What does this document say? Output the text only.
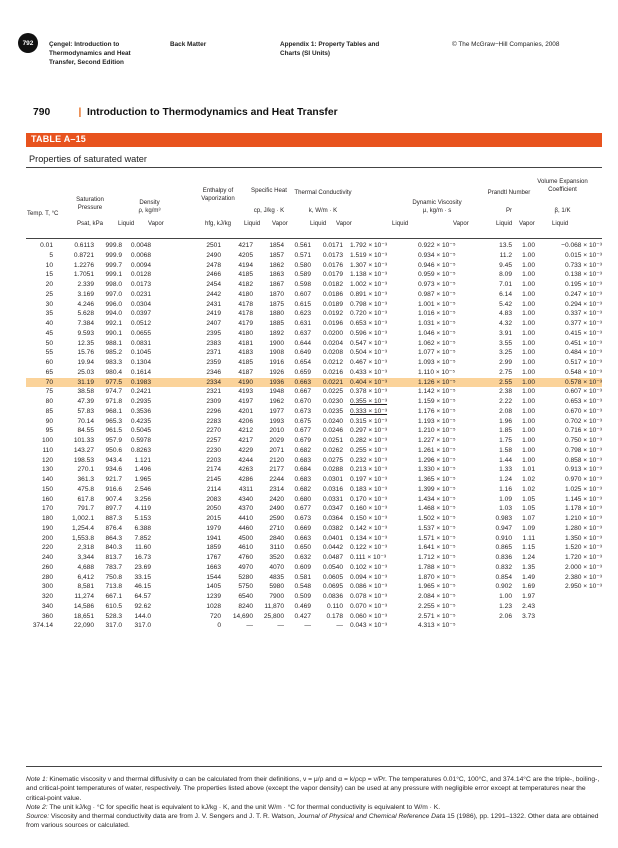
792	Çengel: Introduction to Thermodynamics and Heat Transfer, Second Edition
Back Matter	Appendix 1: Property Tables and Charts (SI Units)
© The McGraw−Hill Companies, 2008
790	| Introduction to Thermodynamics and Heat Transfer
TABLE A–15
Properties of saturated water
Temp. T, °C
Saturation Pressure
Psat, kPa
Density
ρ, kg/m³
Enthalpy of Vaporization
hfg, kJ/kg
Specific Heat
cp, J/kg · K
Thermal Conductivity
k, W/m · K
Dynamic Viscosity
μ, kg/m · s
Prandtl Number
Pr
Volume Expansion Coefficient
β, 1/K
Liquid Vapor	Liquid Vapor	Liquid Vapor	Liquid	Vapor	Liquid Vapor	Liquid
0.01	0.6113	999.8	0.0048	2501	4217	1854	0.561	0.0171 1.792 × 10⁻³	0.922 × 10⁻⁵	13.5	1.00	−0.068 × 10⁻³
5	0.8721	999.9	0.0068	2490	4205	1857	0.571	0.0173 1.519 × 10⁻³	0.934 × 10⁻⁵	11.2	1.00	0.015 × 10⁻³
10	1.2276	999.7	0.0094	2478	4194	1862	0.580	0.0176 1.307 × 10⁻³	0.946 × 10⁻⁵	9.45	1.00	0.733 × 10⁻³
15	1.7051	999.1	0.0128	2466	4185	1863	0.589	0.0179 1.138 × 10⁻³	0.959 × 10⁻⁵	8.09	1.00	0.138 × 10⁻³
20	2.339	998.0	0.0173	2454	4182	1867	0.598	0.0182 1.002 × 10⁻³	0.973 × 10⁻⁵	7.01	1.00	0.195 × 10⁻³
25	3.169	997.0	0.0231	2442	4180	1870	0.607	0.0186 0.891 × 10⁻³	0.987 × 10⁻⁵	6.14	1.00	0.247 × 10⁻³
30	4.246	996.0	0.0304	2431	4178	1875	0.615	0.0189 0.798 × 10⁻³	1.001 × 10⁻⁵	5.42	1.00	0.294 × 10⁻³
35	5.628	994.0	0.0397	2419	4178	1880	0.623	0.0192 0.720 × 10⁻³	1.016 × 10⁻⁵	4.83	1.00	0.337 × 10⁻³
40	7.384	992.1	0.0512	2407	4179	1885	0.631	0.0196 0.653 × 10⁻³	1.031 × 10⁻⁵	4.32	1.00	0.377 × 10⁻³
45	9.593	990.1	0.0655	2395	4180	1892	0.637	0.0200 0.596 × 10⁻³	1.046 × 10⁻⁵	3.91	1.00	0.415 × 10⁻³
50	12.35	988.1	0.0831	2383	4181	1900	0.644	0.0204 0.547 × 10⁻³	1.062 × 10⁻⁵	3.55	1.00	0.451 × 10⁻³
55	15.76	985.2	0.1045	2371	4183	1908	0.649	0.0208 0.504 × 10⁻³	1.077 × 10⁻⁵	3.25	1.00	0.484 × 10⁻³
60	19.94	983.3	0.1304	2359	4185	1916	0.654	0.0212 0.467 × 10⁻³	1.093 × 10⁻⁵	2.99	1.00	0.517 × 10⁻³
65	25.03	980.4	0.1614	2346	4187	1926	0.659	0.0216 0.433 × 10⁻³	1.110 × 10⁻⁵	2.75	1.00	0.548 × 10⁻³
70	31.19	977.5	0.1983	2334	4190	1936	0.663	0.0221 0.404 × 10⁻³	1.126 × 10⁻⁵	2.55	1.00	0.578 × 10⁻³
75	38.58	974.7	0.2421	2321	4193	1948	0.667	0.0225 0.378 × 10⁻³	1.142 × 10⁻⁵	2.38	1.00	0.607 × 10⁻³
80	47.39	971.8	0.2935	2309	4197	1962	0.670	0.0230 0.355 × 10⁻³	1.159 × 10⁻⁵	2.22	1.00	0.653 × 10⁻³
85	57.83	968.1	0.3536	2296	4201	1977	0.673	0.0235 0.333 × 10⁻³	1.176 × 10⁻⁵	2.08	1.00	0.670 × 10⁻³
90	70.14	965.3	0.4235	2283	4206	1993	0.675	0.0240 0.315 × 10⁻³	1.193 × 10⁻⁵	1.96	1.00	0.702 × 10⁻³
95	84.55	961.5	0.5045	2270	4212	2010	0.677	0.0246 0.297 × 10⁻³	1.210 × 10⁻⁵	1.85	1.00	0.716 × 10⁻³
100	101.33	957.9	0.5978	2257	4217	2029	0.679	0.0251 0.282 × 10⁻³	1.227 × 10⁻⁵	1.75	1.00	0.750 × 10⁻³
110	143.27	950.6	0.8263	2230	4229	2071	0.682	0.0262 0.255 × 10⁻³	1.261 × 10⁻⁵	1.58	1.00	0.798 × 10⁻³
120	198.53	943.4	1.121	2203	4244	2120	0.683	0.0275 0.232 × 10⁻³	1.296 × 10⁻⁵	1.44	1.00	0.858 × 10⁻³
130	270.1	934.6	1.496	2174	4263	2177	0.684	0.0288 0.213 × 10⁻³	1.330 × 10⁻⁵	1.33	1.01	0.913 × 10⁻³
140	361.3	921.7	1.965	2145	4286	2244	0.683	0.0301 0.197 × 10⁻³	1.365 × 10⁻⁵	1.24	1.02	0.970 × 10⁻³
150	475.8	916.6	2.546	2114	4311	2314	0.682	0.0316 0.183 × 10⁻³	1.399 × 10⁻⁵	1.16	1.02	1.025 × 10⁻³
160	617.8	907.4	3.256	2083	4340	2420	0.680	0.0331 0.170 × 10⁻³	1.434 × 10⁻⁵	1.09	1.05	1.145 × 10⁻³
170	791.7	897.7	4.119	2050	4370	2490	0.677	0.0347 0.160 × 10⁻³	1.468 × 10⁻⁵	1.03	1.05	1.178 × 10⁻³
180	1,002.1	887.3	5.153	2015	4410	2590	0.673	0.0364 0.150 × 10⁻³	1.502 × 10⁻⁵	0.983	1.07	1.210 × 10⁻³
190	1,254.4	876.4	6.388	1979	4460	2710	0.669	0.0382 0.142 × 10⁻³	1.537 × 10⁻⁵	0.947	1.09	1.280 × 10⁻³
200	1,553.8	864.3	7.852	1941	4500	2840	0.663	0.0401 0.134 × 10⁻³	1.571 × 10⁻⁵	0.910	1.11	1.350 × 10⁻³
220	2,318	840.3	11.60	1859	4610	3110	0.650	0.0442 0.122 × 10⁻³	1.641 × 10⁻⁵	0.865	1.15	1.520 × 10⁻³
240	3,344	813.7	16.73	1767	4760	3520	0.632	0.0487 0.111 × 10⁻³	1.712 × 10⁻⁵	0.836	1.24	1.720 × 10⁻³
260	4,688	783.7	23.69	1663	4970	4070	0.609	0.0540 0.102 × 10⁻³	1.788 × 10⁻⁵	0.832	1.35	2.000 × 10⁻³
280	6,412	750.8	33.15	1544	5280	4835	0.581	0.0605 0.094 × 10⁻³	1.870 × 10⁻⁵	0.854	1.49	2.380 × 10⁻³
300	8,581	713.8	46.15	1405	5750	5980	0.548	0.0695 0.086 × 10⁻³	1.965 × 10⁻⁵	0.902	1.69	2.950 × 10⁻³
320	11,274	667.1	64.57	1239	6540	7900	0.509	0.0836 0.078 × 10⁻³	2.084 × 10⁻⁵	1.00	1.97
340	14,586	610.5	92.62	1028	8240	11,870	0.469	0.110 0.070 × 10⁻³	2.255 × 10⁻⁵	1.23	2.43
360	18,651	528.3	144.0	720	14,690	25,800	0.427	0.178 0.060 × 10⁻³	2.571 × 10⁻⁵	2.06	3.73
374.14	22,090	317.0	317.0	0	—	—	—	— 0.043 × 10⁻³	4.313 × 10⁻⁵

Note 1: Kinematic viscosity ν and thermal diffusivity α can be calculated from their definitions, ν = μ/ρ and α = k/ρcp = ν/Pr. The temperatures 0.01°C, 100°C, and 374.14°C are the triple-, boiling-, and critical-point temperatures of water, respectively. The properties listed above (except the vapor density) can be used at any pressure with negligible error except at temperatures near the critical-point value.

Note 2: The unit kJ/kg · °C for specific heat is equivalent to kJ/kg · K, and the unit W/m · °C for thermal conductivity is equivalent to W/m · K.

Source: Viscosity and thermal conductivity data are from J. V. Sengers and J. T. R. Watson, Journal of Physical and Chemical Reference Data 15 (1986), pp. 1291–1322. Other data are obtained from various sources or calculated.
